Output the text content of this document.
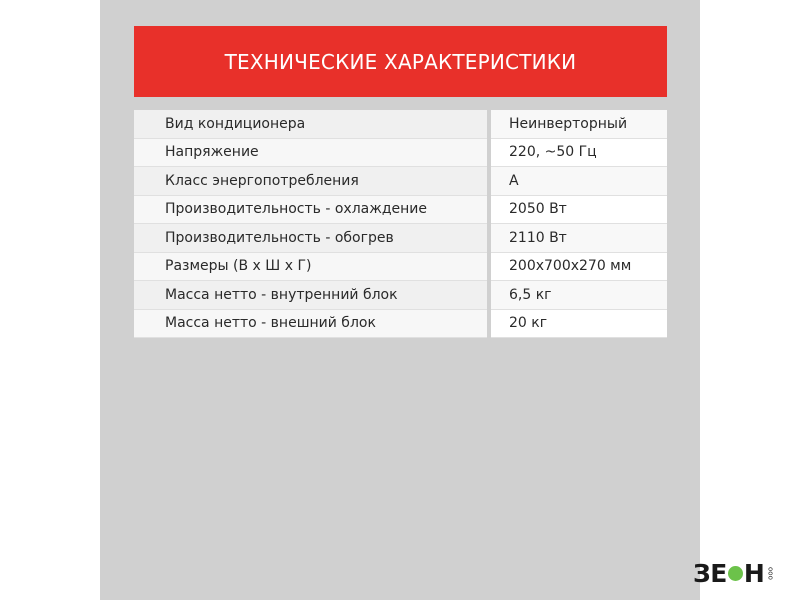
ТЕХНИЧЕСКИЕ ХАРАКТЕРИСТИКИ
Вид кондиционера	Неинверторный
Напряжение	220, ~50 Гц
Класс энергопотребления	А
Производительность - охлаждение	2050 Вт
Производительность - обогрев	2110 Вт
Размеры (В х Ш х Г)	200х700х270 мм
Масса нетто - внутренний блок	6,5 кг
Масса нетто - внешний блок	20 кг
ЗЕ Н ооо
